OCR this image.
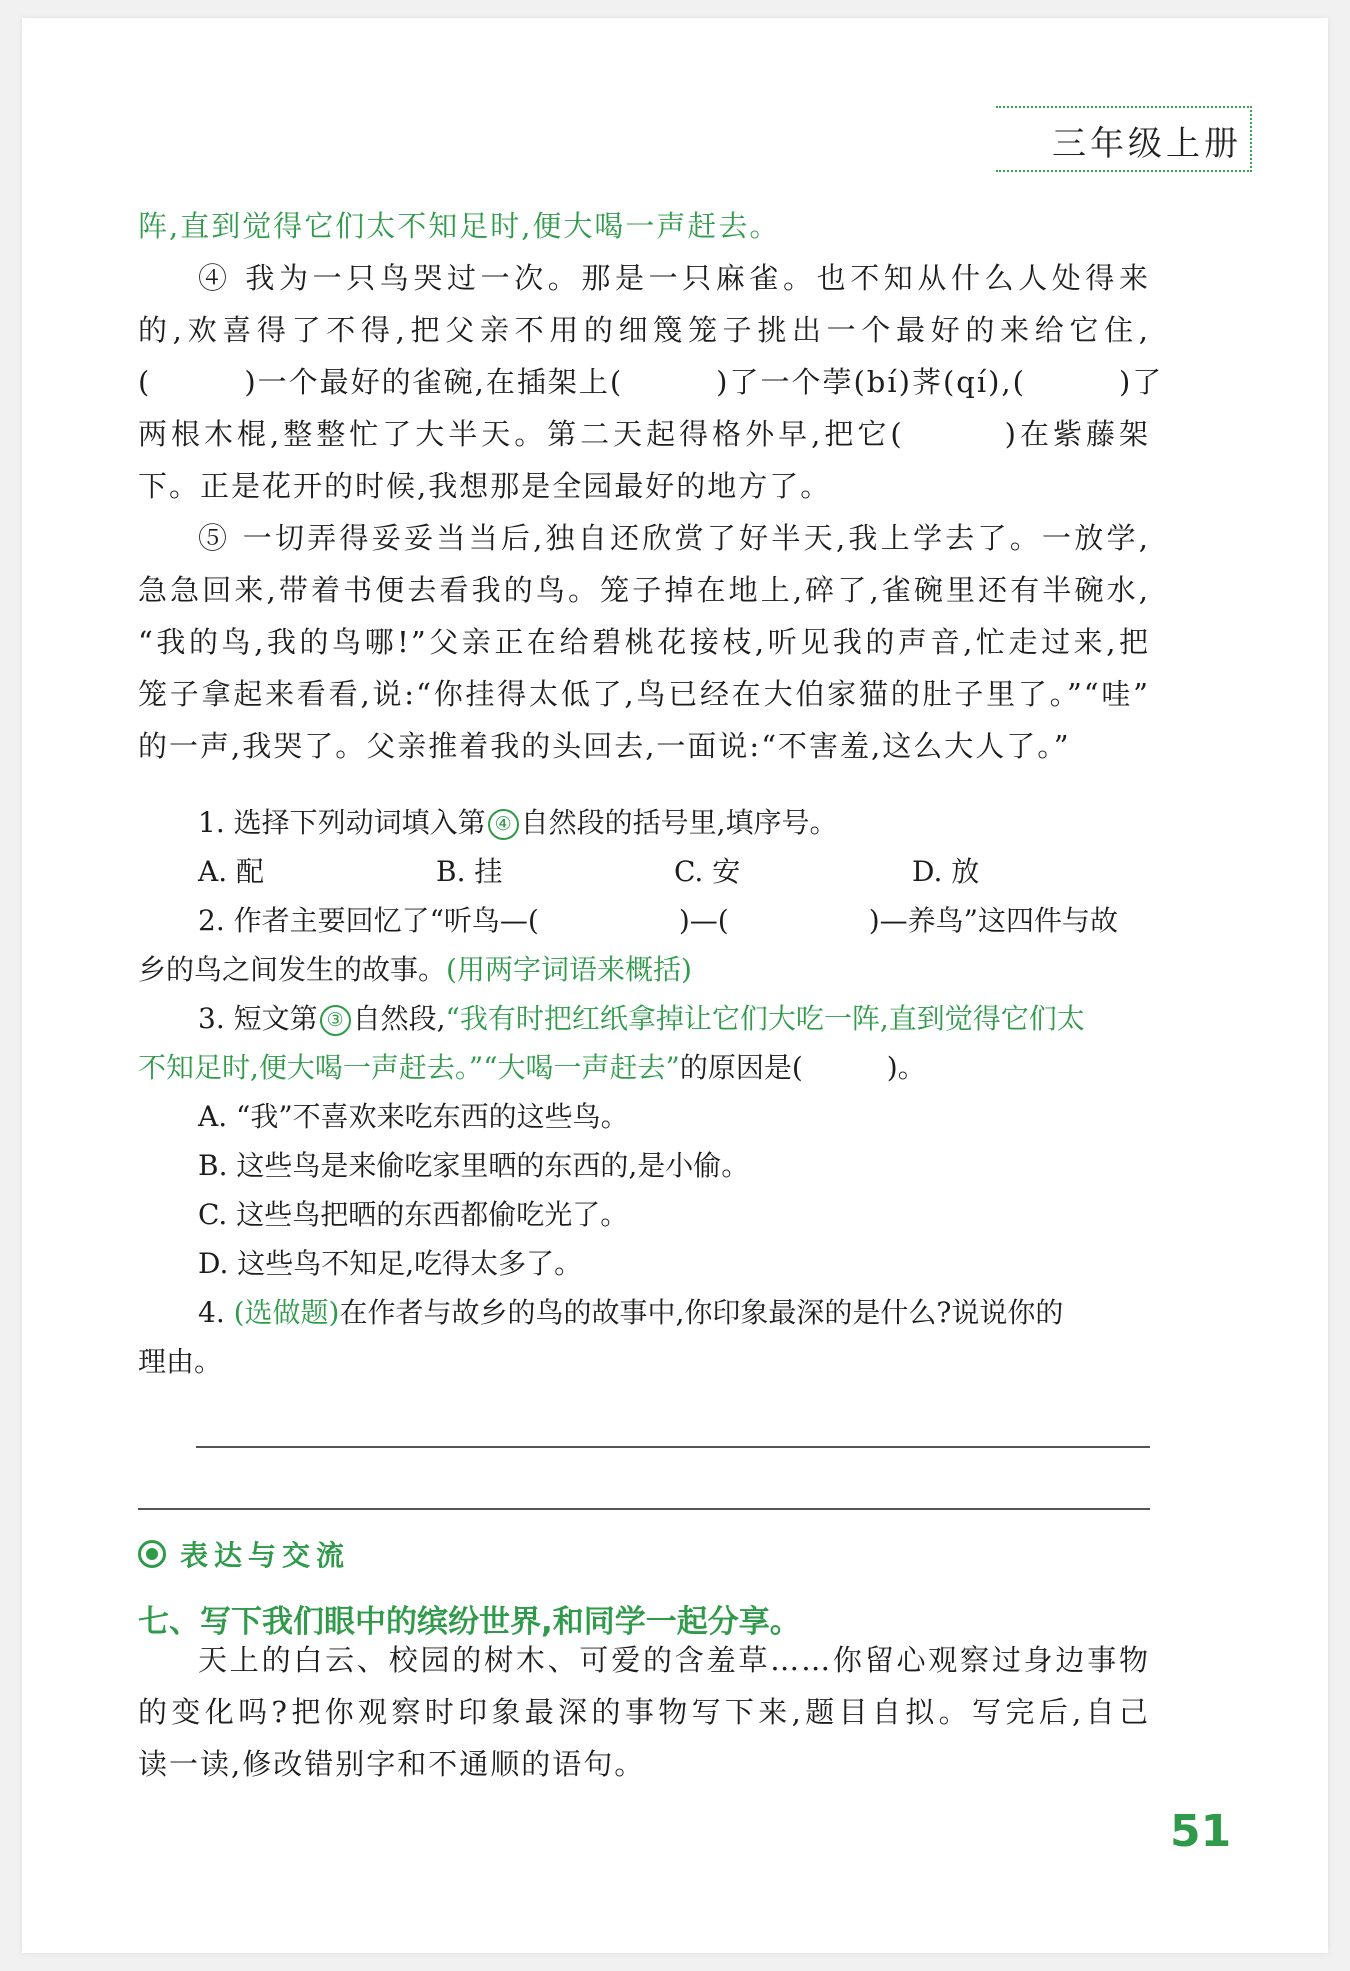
三年级上册
阵,直到觉得它们太不知足时,便大喝一声赶去。
④ 我为一只鸟哭过一次。那是一只麻雀。也不知从什么人处得来
的,欢喜得了不得,把父亲不用的细篾笼子挑出一个最好的来给它住,
(　　　)一个最好的雀碗,在插架上(　　　)了一个荸(bí)荠(qí),(　　　)了
两根木棍,整整忙了大半天。第二天起得格外早,把它(　　　)在紫藤架
下。正是花开的时候,我想那是全园最好的地方了。
⑤ 一切弄得妥妥当当后,独自还欣赏了好半天,我上学去了。一放学,
急急回来,带着书便去看我的鸟。笼子掉在地上,碎了,雀碗里还有半碗水,
“我的鸟,我的鸟哪!”父亲正在给碧桃花接枝,听见我的声音,忙走过来,把
笼子拿起来看看,说:“你挂得太低了,鸟已经在大伯家猫的肚子里了。”“哇”
的一声,我哭了。父亲推着我的头回去,一面说:“不害羞,这么大人了。”
1. 选择下列动词填入第 ④ 自然段的括号里,填序号。
A. 配	B. 挂	C. 安	D. 放
2. 作者主要回忆了“听鸟—(　　　　　)—(　　　　　)—养鸟”这四件与故
乡的鸟之间发生的故事。(用两字词语来概括)
3. 短文第 ③ 自然段,“我有时把红纸拿掉让它们大吃一阵,直到觉得它们太
不知足时,便大喝一声赶去。”“大喝一声赶去”的原因是(　　　)。
A. “我”不喜欢来吃东西的这些鸟。
B. 这些鸟是来偷吃家里晒的东西的,是小偷。
C. 这些鸟把晒的东西都偷吃光了。
D. 这些鸟不知足,吃得太多了。
4. (选做题)在作者与故乡的鸟的故事中,你印象最深的是什么?说说你的
理由。
表达与交流
七、写下我们眼中的缤纷世界,和同学一起分享。
天上的白云、校园的树木、可爱的含羞草……你留心观察过身边事物
的变化吗?把你观察时印象最深的事物写下来,题目自拟。写完后,自己
读一读,修改错别字和不通顺的语句。
51
